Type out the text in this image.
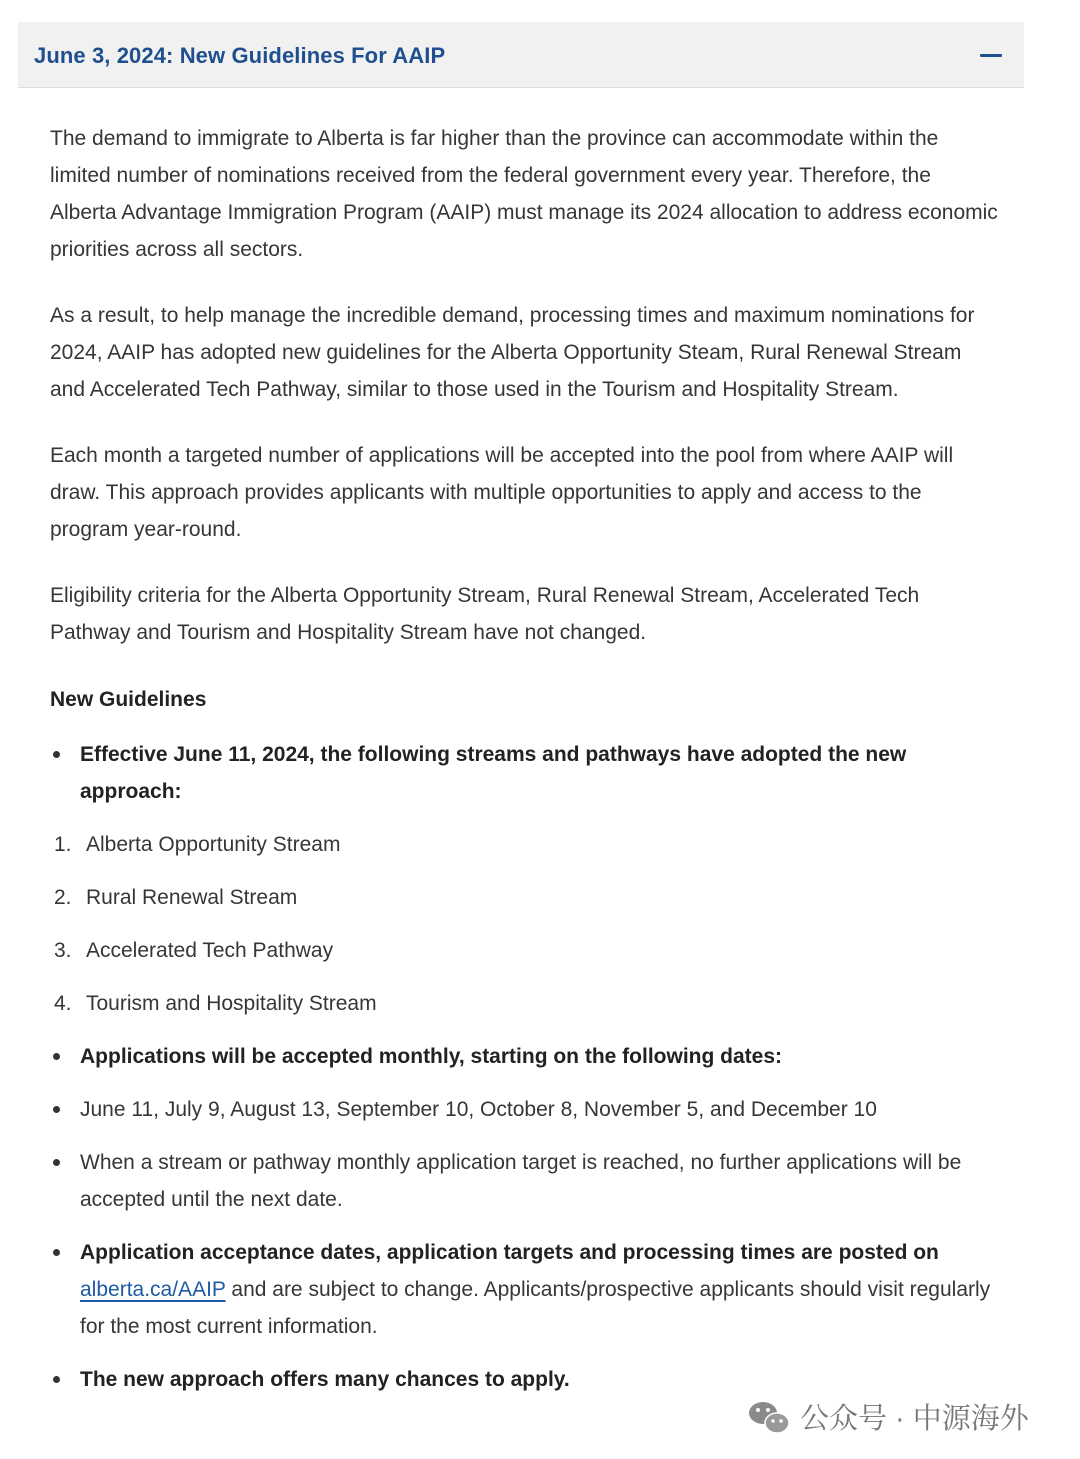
June 3, 2024: New Guidelines For AAIP

The demand to immigrate to Alberta is far higher than the province can accommodate within the limited number of nominations received from the federal government every year. Therefore, the Alberta Advantage Immigration Program (AAIP) must manage its 2024 allocation to address economic priorities across all sectors.

As a result, to help manage the incredible demand, processing times and maximum nominations for 2024, AAIP has adopted new guidelines for the Alberta Opportunity Steam, Rural Renewal Stream and Accelerated Tech Pathway, similar to those used in the Tourism and Hospitality Stream.

Each month a targeted number of applications will be accepted into the pool from where AAIP will draw. This approach provides applicants with multiple opportunities to apply and access to the program year-round.

Eligibility criteria for the Alberta Opportunity Stream, Rural Renewal Stream, Accelerated Tech Pathway and Tourism and Hospitality Stream have not changed.

New Guidelines
Effective June 11, 2024, the following streams and pathways have adopted the new approach:
1. Alberta Opportunity Stream
2. Rural Renewal Stream
3. Accelerated Tech Pathway
4. Tourism and Hospitality Stream
Applications will be accepted monthly, starting on the following dates:
June 11, July 9, August 13, September 10, October 8, November 5, and December 10
When a stream or pathway monthly application target is reached, no further applications will be accepted until the next date.
Application acceptance dates, application targets and processing times are posted on alberta.ca/AAIP and are subject to change. Applicants/prospective applicants should visit regularly for the most current information.
The new approach offers many chances to apply.
公众号 · 中源海外
